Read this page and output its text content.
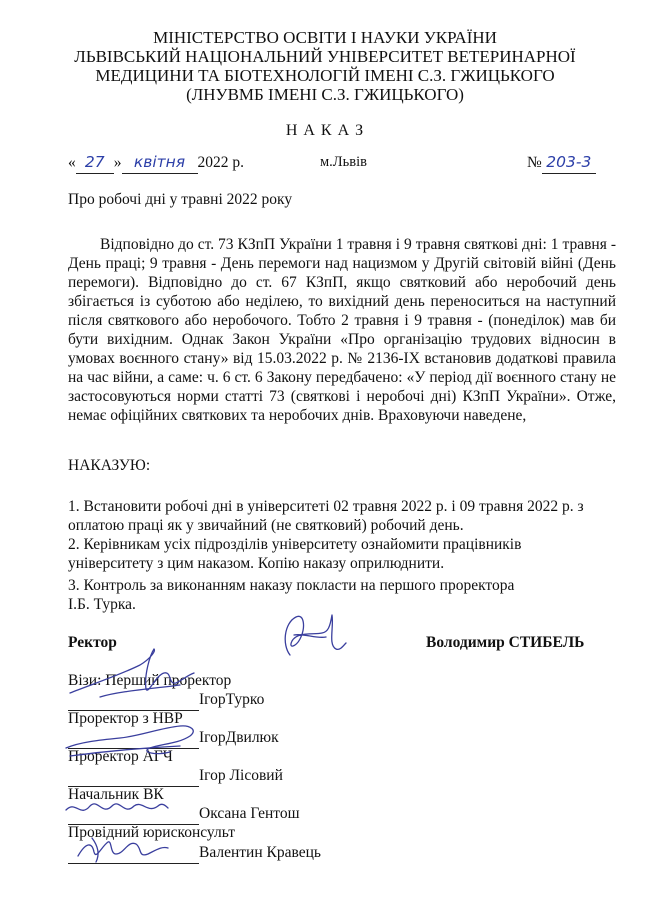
МІНІСТЕРСТВО ОСВІТИ І НАУКИ УКРАЇНИ
ЛЬВІВСЬКИЙ НАЦІОНАЛЬНИЙ УНІВЕРСИТЕТ ВЕТЕРИНАРНОЇ
МЕДИЦИНИ ТА БІОТЕХНОЛОГІЙ ІМЕНІ С.З. ГЖИЦЬКОГО
(ЛНУВМБ ІМЕНІ С.З. ГЖИЦЬКОГО)
Н А К А З
« 27 » квітня 2022 р.	м.Львів	№ 203-3
Про робочі дні у травні 2022 року
Відповідно до ст. 73 КЗпП України 1 травня і 9 травня святкові дні: 1 травня - День праці; 9 травня - День перемоги над нацизмом у Другій світовій війні (День перемоги). Відповідно до ст. 67 КЗпП, якщо святковий або неробочий день збігається із суботою або неділею, то вихідний день переноситься на наступний після святкового або неробочого. Тобто 2 травня і 9 травня - (понеділок) мав би бути вихідним. Однак Закон України «Про організацію трудових відносин в умовах воєнного стану» від 15.03.2022 р. № 2136-IX встановив додаткові правила на час війни, а саме: ч. 6 ст. 6 Закону передбачено: «У період дії воєнного стану не застосовуються норми статті 73 (святкові і неробочі дні) КЗпП України». Отже, немає офіційних святкових та неробочих днів. Враховуючи наведене,
НАКАЗУЮ:
1. Встановити робочі дні в університеті 02 травня 2022 р. і 09 травня 2022 р. з
оплатою праці як у звичайний (не святковий) робочий день.
2. Керівникам усіх підрозділів університету ознайомити працівників
університету з цим наказом. Копію наказу оприлюднити.
3. Контроль за виконанням наказу покласти на першого проректора
І.Б. Турка.
Ректор	Володимир СТИБЕЛЬ
Візи: Перший проректор
ІгорТурко
Проректор з НВР
ІгорДвилюк
Проректор АГЧ
Ігор Лісовий
Начальник ВК
Оксана Гентош
Провідний юрисконсульт
Валентин Кравець
